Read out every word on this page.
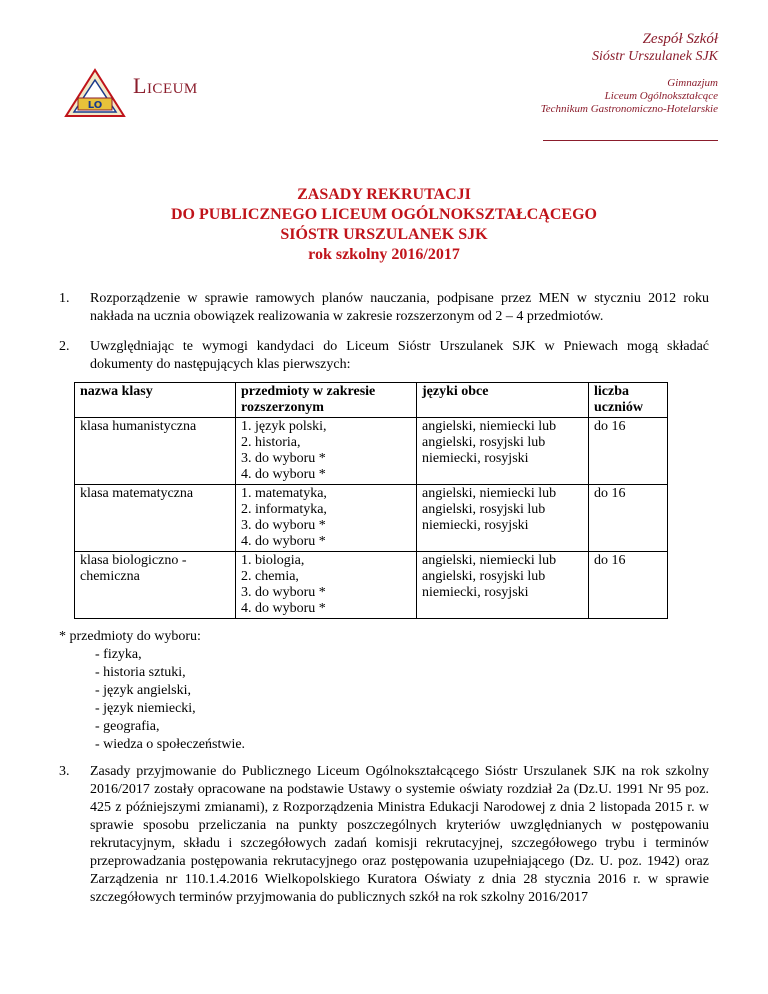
LO
Liceum
Zespół Szkół
Sióstr Urszulanek SJK
Gimnazjum
Liceum Ogólnokształcące
Technikum Gastronomiczno-Hotelarskie
ZASADY REKRUTACJI
DO PUBLICZNEGO LICEUM OGÓLNOKSZTAŁCĄCEGO
SIÓSTR URSZULANEK SJK
rok szkolny 2016/2017
1. Rozporządzenie w sprawie ramowych planów nauczania, podpisane przez MEN w styczniu 2012 roku nakłada na ucznia obowiązek realizowania w zakresie rozszerzonym od 2 – 4 przedmiotów.
2. Uwzględniając te wymogi kandydaci do Liceum Sióstr Urszulanek SJK w Pniewach mogą składać dokumenty do następujących klas pierwszych:
nazwa klasy	przedmioty w zakresie rozszerzonym	języki obce	liczba uczniów
klasa humanistyczna	1. język polski,
2. historia,
3. do wyboru *
4. do wyboru *	angielski, niemiecki lub angielski, rosyjski lub niemiecki, rosyjski	do 16
klasa matematyczna	1. matematyka,
2. informatyka,
3. do wyboru *
4. do wyboru *	angielski, niemiecki lub angielski, rosyjski lub niemiecki, rosyjski	do 16
klasa biologiczno - chemiczna	1. biologia,
2. chemia,
3. do wyboru *
4. do wyboru *	angielski, niemiecki lub angielski, rosyjski lub niemiecki, rosyjski	do 16
* przedmioty do wyboru:
- fizyka,
- historia sztuki,
- język angielski,
- język niemiecki,
- geografia,
- wiedza o społeczeństwie.
3. Zasady przyjmowanie do Publicznego Liceum Ogólnokształcącego Sióstr Urszulanek SJK na rok szkolny 2016/2017 zostały opracowane na podstawie Ustawy o systemie oświaty rozdział 2a (Dz.U. 1991 Nr 95 poz. 425 z późniejszymi zmianami), z Rozporządzenia Ministra Edukacji Narodowej z dnia 2 listopada 2015 r. w sprawie sposobu przeliczania na punkty poszczególnych kryteriów uwzględnianych w postępowaniu rekrutacyjnym, składu i szczegółowych zadań komisji rekrutacyjnej, szczegółowego trybu i terminów przeprowadzania postępowania rekrutacyjnego oraz postępowania uzupełniającego (Dz. U. poz. 1942) oraz Zarządzenia nr 110.1.4.2016 Wielkopolskiego Kuratora Oświaty z dnia 28 stycznia 2016 r. w sprawie szczegółowych terminów przyjmowania do publicznych szkół na rok szkolny 2016/2017
